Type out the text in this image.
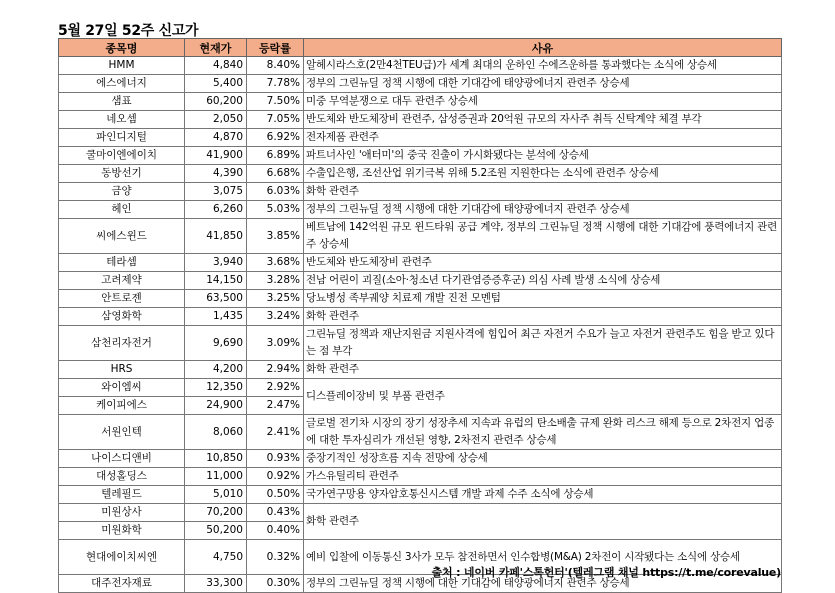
5월 27일 52주 신고가
종목명	현재가	등락률	사유
HMM	4,840	8.40%	알헤시라스호(2만4천TEU급)가 세계 최대의 운하인 수에즈운하를 통과했다는 소식에 상승세
에스에너지	5,400	7.78%	정부의 그린뉴딜 정책 시행에 대한 기대감에 태양광에너지 관련주 상승세
샘표	60,200	7.50%	미중 무역분쟁으로 대두 관련주 상승세
네오셈	2,050	7.05%	반도체와 반도체장비 관련주, 삼성증권과 20억원 규모의 자사주 취득 신탁계약 체결 부각
파인디지털	4,870	6.92%	전자제품 관련주
쿨마이엔에이치	41,900	6.89%	파트너사인 '애터미'의 중국 진출이 가시화됐다는 분석에 상승세
동방선기	4,390	6.68%	수출입은행, 조선산업 위기극복 위해 5.2조원 지원한다는 소식에 관련주 상승세
금양	3,075	6.03%	화학 관련주
헤인	6,260	5.03%	정부의 그린뉴딜 정책 시행에 대한 기대감에 태양광에너지 관련주 상승세
씨에스윈드	41,850	3.85%	베트남에 142억원 규모 윈드타워 공급 계약, 정부의 그린뉴딜 정책 시행에 대한 기대감에 풍력에너지 관련주 상승세
테라셈	3,940	3.68%	반도체와 반도체장비 관련주
고려제약	14,150	3.28%	전남 어린이 괴질(소아·청소년 다기관염증증후군) 의심 사례 발생 소식에 상승세
안트로젠	63,500	3.25%	당뇨병성 족부궤양 치료제 개발 진전 모멘텀
삼영화학	1,435	3.24%	화학 관련주
삼천리자전거	9,690	3.09%	그린뉴딜 정책과 재난지원금 지원사격에 힘입어 최근 자전거 수요가 늘고 자전거 관련주도 힘을 받고 있다는 점 부각
HRS	4,200	2.94%	화학 관련주
와이엠씨	12,350	2.92%	디스플레이장비 및 부품 관련주
케이피에스	24,900	2.47%	
서원인텍	8,060	2.41%	글로벌 전기차 시장의 장기 성장추세 지속과 유럽의 탄소배출 규제 완화 리스크 해제 등으로 2차전지 업종에 대한 투자심리가 개선된 영향, 2차전지 관련주 상승세
나이스디앤비	10,850	0.93%	중장기적인 성장흐름 지속 전망에 상승세
대성홀딩스	11,000	0.92%	가스유틸리티 관련주
텔레필드	5,010	0.50%	국가연구망용 양자암호통신시스템 개발 과제 수주 소식에 상승세
미원상사	70,200	0.43%	화학 관련주
미원화학	50,200	0.40%	
현대에이치씨엔	4,750	0.32%	예비 입찰에 이동통신 3사가 모두 참전하면서 인수합병(M&A) 2차전이 시작됐다는 소식에 상승세
대주전자재료	33,300	0.30%	정부의 그린뉴딜 정책 시행에 대한 기대감에 태양광에너지 관련주 상승세
출처 : 네이버 카페'스톡헌터'(텔레그램 채널 https://t.me/corevalue)
